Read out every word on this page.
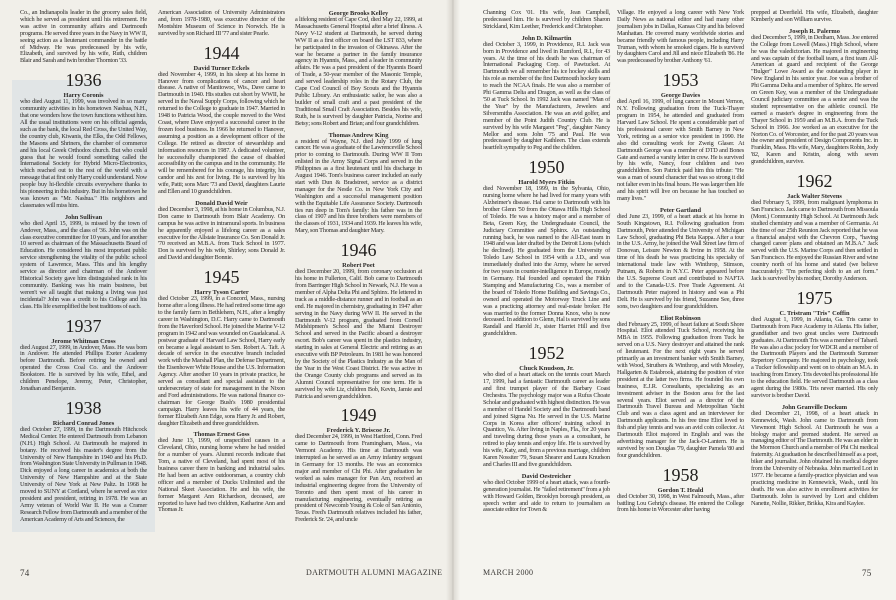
Co., an Indianapolis leader in the grocery sales field, which he served as president until his retirement. He was active in community affairs and Dartmouth programs. He served three years in the Navy in WW II, seeing action as a lieutenant commander in the battle of Midway. He was predeceased by his wife, Elizabeth, and survived by his wife, Ruth, children Blair and Sarah and twin brother Thornton '33.

1936
Harry Coronis
who died August 11, 1999, was involved in so many community activities in his hometown Nashua, N.H., that one wonders how the town functions without him. All the usual institutions were on his official agenda, such as the bank, the local Red Cross, the United Way, the country club, Kiwanis, the Elks, the Odd Fellows, the Masons and Shriners, the chamber of commerce and his local Greek Orthodox church. But who could guess that he would found something called the International Society for Hybrid Micro-Electronics, which reached out to the rest of the world with a message that at first only Harry could understand. Now people buy hi-flexible circuits everywhere thanks to his pioneering in this industry. But in his hometown he was known as "Mr. Nashua." His neighbors and classmates will miss him.
John Sullivan
who died April 15, 1999, is missed by the town of Andover, Mass., and the class of '36. John was on the class executive committee for 10 years, and for another 10 served as chairman of the Massachusetts Board of Education. He considered his most important public service strengthening the vitality of the public school system of Lawrence, Mass. This and his lengthy service as director and chairman of the Andover Historical Society gave him distinguished rank in his community. Banking was his main business, but weren't we all taught that making a living was just incidental? John was a credit to his College and his class. His life exemplified the best traditions of each.
1937
Jerome Whitman Cross
died August 27, 1999, in Andover, Mass. He was born in Andover. He attended Phillips Exeter Academy before Dartmouth. Before retiring he owned and operated the Cross Coal Co. and the Andover Bookstore. He is survived by his wife, Ethel, and children Penelope, Jeremy, Peter, Christopher, Jonathan and Benjamin.
1938
Richard Conrad Jones
died October 27, 1999, in the Dartmouth Hitchcock Medical Center. He entered Dartmouth from Lebanon (N.H.) High School. At Dartmouth he majored in botany. He received his master's degree from the University of New Hampshire in 1940 and his Ph.D. from Washington State University in Pullman in 1948. Dick enjoyed a long career in academics at both the University of New Hampshire and at the State University of New York at New Paltz. In 1968 he moved to SUNY at Cortland, where he served as vice president and president, retiring in 1978. He was an Army veteran of World War II. He was a Cramer Research Fellow from Dartmouth and a member of the American Academy of Arts and Sciences, the

American Association of University Administrators and, from 1978-1980, was executive director of the Montshire Museum of Science in Norwich. He is survived by son Richard III '77 and sister Pearle.

1944
David Turner Eckels
died November 4, 1999, in his sleep at his home in Hanover from complications of cancer and heart disease. A native of Manitowoc, Wis., Dave came to Dartmouth in 1940. His studies cut short by WWII, he served in the Naval Supply Corps, following which he returned to the College to graduate in 1947. Married in 1948 to Patricia Wood, the couple moved to the West Coast, where Dave enjoyed a successful career in the frozen food business. In 1966 he returned to Hanover, assuming a position as a development officer of the College. He retired as director of stewardship and information resources in 1987. A dedicated volunteer, he successfully championed the cause of disabled accessibility on the campus and in the community. He will be remembered for his courage, his integrity, his candor and his zest for living. He is survived by his wife, Patti; sons Marc '73 and David, daughters Laurie and Ellen and 10 grandchildren.
Donald David Weir
died December 3, 1998, at his home in Columbus, N.J. Don came to Dartmouth from Blair Academy. On campus he was active in intramural sports. In business he apparently enjoyed a lifelong career as a sales executive for the Allstate Insurance Co. Son Donald Jr. '70 received an M.B.A. from Tuck School in 1977. Don is survived by his wife, Shirley; sons Donald Jr. and David and daughter Bonnie.
1945
Harry Tyson Carter
died October 23, 1999, in a Concord, Mass., nursing home after a long illness. He had retired some time ago to the family farm in Bethlehem, N.H., after a lengthy career in Washington, D.C. Harry came to Dartmouth from the Haverford School. He joined the Marine V-12 program in 1942 and was wounded on Guadalcanal. A postwar graduate of Harvard Law School, Harry early on became a legal assistant to Sen. Robert A. Taft. A decade of service in the executive branch included work with the Marshall Plan, the Defense Department, the Eisenhower White House and the U.S. Information Agency. After another 10 years in private practice, he served as consultant and special assistant to the undersecretary of state for management in the Nixon and Ford administrations. He was national finance co-chairman for George Bush's 1980 presidential campaign. Harry leaves his wife of 44 years, the former Elizabeth Ann Edge, sons Harry Jr. and Robert, daughter Elizabeth and three grandchildren.
Thomas Ernest Goss
died June 13, 1999, of unspecified causes in a Cleveland, Ohio, nursing home where he had resided for a number of years. Alumni records indicate that Tom, a native of Cleveland, had spent most of his business career there in banking and industrial sales. He had been an active outdoorsman, a country club officer and a member of Ducks Unlimited and the National Skeet Association. He and his wife, the former Margaret Ann Richardson, deceased, are reported to have had two children, Katharine Ann and Thomas Jr.
George Brooks Kelley
a lifelong resident of Cape Cod, died May 22, 1999, at Massachusetts General Hospital after a brief illness. A Navy V-12 student at Dartmouth, he served during WW II as a first officer on board the LST 833, where he participated in the invasion of Okinawa. After the war he became a partner in the family insurance agency in Hyannis, Mass., and a leader in community affairs. He was a past president of the Hyannis Board of Trade, a 50-year member of the Masonic Temple, and served leadership roles in the Rotary Club, the Cape Cod Council of Boy Scouts and the Hyannis Public Library. An enthusiastic sailor, he was also a builder of small craft and a past president of the Traditional Small Craft Association. Besides his wife, Ruth, he is survived by daughter Patricia, Norine and Betsy; sons Robert and Brian; and four grandchildren.
Thomas Andrew King
a resident of Wayne, N.J. died July 1999 of lung cancer. He was a graduate of the Lawrenceville School prior to coming to Dartmouth. During WW II Tom enlisted in the Army Signal Corps and served in the Philippines as a first lieutenant until his discharge in August 1946. Tom's business career included an early start with Dun & Bradstreet, service as a district manager for the Nestle Co. in New York City and Washington and a successful management position with the Equitable Life Assurance Society. Dartmouth ties run deep in Tom's family: his father was in the class of 1907 and his three brothers were members of the classes of 1931, 1934 and 1939. He leaves his wife, Mary, son Thomas and daughter Mary.
1946
Robert Poet
died December 20, 1999, from coronary occlusion at his home in Fullerton, Calif. Bob came to Dartmouth from Barringer High School in Newark, N.J. He was a member of Alpha Delta Phi and Sphinx. He lettered in track as a middle-distance runner and in football as an end. He majored in chemistry, graduating in 1947 after serving in the Navy during WW II. He served in the Dartmouth V-12 program, graduated from Cornell Midshipmen's School and the Miami Destroyer School and served in the Pacific aboard a destroyer escort. Bob's career was spent in the plastics industry, starting in sales at General Electric and retiring as an executive with BP Petroleum. In 1981 he was honored by the Society of the Plastics Industry as the Man of the Year in the West Coast District. He was active in the Orange County club programs and served as its Alumni Council representative for one term. He is survived by wife Liz, children Bob, Kevin, Jamie and Patricia and seven grandchildren.
1949
Frederick Y. Briscoe Jr.
died December 24, 1999, in West Hartford, Conn. Fred came to Dartmouth from Framingham, Mass., via Vermont Academy. His time at Dartmouth was interrupted as he served as an Army infantry sergeant in Germany for 13 months. He was an economics major and member of Chi Phi. After graduation he worked as sales manager for Pan Am, received an industrial engineering degree from the University of Toronto and then spent most of his career in manufacturing engineering, eventually retiring as president of Newcomb Young & Cole of San Antonio, Texas. Fred's Dartmouth relatives included his father, Frederick Sr. '24, and uncle

Channing Cox '01. His wife, Jean Campbell, predeceased him. He is survived by children Sharon Strickland, Kim Leether, Frederick and Christopher.

John D. Kilmartin
died October 3, 1999, in Providence, R.I. Jack was born in Providence and lived in Rumford, R.I., for 43 years. At the time of his death he was chairman of International Packaging Corp. of Pawtucket. At Dartmouth we all remember his ice hockey skills and his role as member of the first Dartmouth hockey team to reach the NCAA finals. He was also a member of Phi Gamma Delta and Dragon, as well as the class of '50 at Tuck School. In 1992 Jack was named "Man of the Year" by the Manufacturers, Jewelers and Silversmiths Association. He was an avid golfer, and member of the Point Judith Country Club. He is survived by his wife Margaret "Peg", daughter Nancy Mellor and sons John '75 and Paul. He was predeceased by daughter Kathleen. The class extends heartfelt sympathy to Peg and the children.
1950
Harold Myers Fitkin
died November 18, 1999, in the Sylvania, Ohio, nursing home where he had lived for many years with Alzheimer's disease. Hal came to Dartmouth with his brother Glenn '50 from the Ottawa Hills High School of Toledo. He was a history major and a member of Beta, Green Key, the Undergraduate Council, the Judiciary Committee and Sphinx. An outstanding running back, he was named to the All-East team in 1948 and was later drafted by the Detroit Lions (which he declined). He graduated from the University of Toledo Law School in 1954 with a J.D., and was immediately drafted into the Army, where he served for two years in counter-intelligence in Europe, mostly in Germany. Hal founded and operated the Fitkin Stamping and Manufacturing Co., was a member of the board of Toledo Home Building and Savings Co., owned and operated the Motorway Truck Line and was a practicing attorney and real-estate broker. He was married to the former Donna Knox, who is now deceased. In addition to Glenn, Hal is survived by sons Randall and Harold Jr., sister Harriet Hill and five grandchildren.
1952
Chuck Knudson, Jr.
who died of a heart attack on the tennis court March 17, 1999, had a fantastic Dartmouth career as leader and first trumpet player of the Barbary Coast Orchestra. The psychology major was a Rufus Choate Scholar and graduated with highest distinction. He was a member of Handel Society and the Dartmouth band and joined Sigma Nu. He served in the U.S. Marine Corps in Korea after officers' training school in Quantico, Va. After living in Naples, Fla., for 20 years and traveling during those years as a consultant, he retired to play tennis and enjoy life. He is survived by his wife, Katy, and, from a previous marriage, children Karen Nossiter '79, Susan Shearer and Laura Knudson and Charles III and five grandchildren.
David Oestreicher
who died October 1999 of a heart attack, was a fourth-generation journalist. He "failed retirement" from a job with Howard Golden, Brooklyn borough president, as speech writer and aide to return to journalism as associate editor for Town &

Village. He enjoyed a long career with New York Daily News as national editor and had many other journalism jobs in Dallas, Kansas City and his beloved Manhattan. He covered many worldwide stories and became friendly with famous people, including Harry Truman, with whom he smoked cigars. He is survived by daughters Carol and Jill and niece Elizabeth '86. He was predeceased by brother Anthony '61.

1953
George Davies
died April 16, 1999, of lung cancer in Mount Vernon, N.Y. Following graduation from the Tuck-Thayer program in 1954, he attended and graduated from Harvard Law School. He spent a considerable part of his professional career with Smith Barney in New York, retiring as a senior vice president in 1990. He also did consulting work for Zweig Glaser. At Dartmouth George was a member of DTD and Bones Gate and earned a varsity letter in crew. He is survived by his wife, Nancy, four children and two grandchildren. Son Patrick paid him this tribute: "He was a man of sound character that was so strong it did not falter even in his final hours. He was larger then life and his spirit will live on because he has touched so many lives."
Peter Gartland
died June 23, 1999, of a heart attack at his home in South Kingstown, R.I. Following graduation from Dartmouth, Peter attended the University of Michigan Law School, graduating Phi Beta Kappa. After a tour in the U.S. Army, he joined the Wall Street law firm of Donovan, Leisure Newton & Irvine in 1958. At the time of his death he was practicing his specialty of international trade law with Winthrop, Stimson, Putnam, & Roberts in N.Y.C. Peter appeared before the U.S. Supreme Court and contributed to NAFTA and to the Canada-U.S. Free Trade Agreement. At Dartmouth Peter majored in history and was a Phi Delt. He is survived by his friend, Suzanne See, three sons, two daughters and four grandchildren.
Eliot Robinson
died February 25, 1999, of heart failure at South Shore Hospital. Eliot attended Tuck School, receiving his MBA in 1955. Following graduation from Tuck he served on a U.S. Navy destroyer and attained the rank of lieutenant. For the next eight years he served primarily as an investment banker with Smith Barney, with Wood, Struthers & Winthrop, and with Moseley, Hallgarten & Estabrook, attaining the position of vice president at the latter two firms. He founded his own business, E.J.R. Consultants, specializing as an investment adviser in the Boston area for the last several years. Eliot served as a director of the Dartmouth Travel Bureau and Metropolitan Yacht Club and was a class agent and an interviewer for Dartmouth applicants. In his free time Eliot loved to fish and play tennis and was an avid coin collector. At Dartmouth Eliot majored in English and was the advertising manager for the Jack-O-Lantern. He is survived by son Douglas '79, daughter Pamela '80 and four grandchildren.
1958
Gordon T. Heald
died October 30, 1998, in West Falmouth, Mass., after battling Lou Gehrig's disease. He entered the College from his home in Worcester after having

prepped at Deerfield. His wife, Elizabeth, daughter Kimberly and son William survive.

Joseph R. Palermo
died December 5, 1999, in Dedham, Mass. Joe entered the College from Lowell (Mass.) High School, where he was the valedictorian. He majored in engineering and was captain of the football team, a first team All-American at guard and recipient of the George "Bulger" Lowe Award as the outstanding player in New England in his senior year. Joe was a brother of Phi Gamma Delta and a member of Sphinx. He served on Green Key, was a member of the Undergraduate Council judiciary committee as a senior and was the student representative on the athletic council. He earned a master's degree in engineering from the Thayer School in 1959 and an M.B.A. from the Tuck School in 1966. Joe worked as an executive for the Norton Co. of Worcester, and for the past 20 years was the owner and president of Design Components Inc. in Franklin, Mass. His wife, Mary, daughters Robin, Jody '82, Karen and Kristin, along with seven grandchildren, survive.
1962
Jack Walter Stevens
died February 5, 1999, from malignant lymphoma in San Francisco. Jack came to Dartmouth from Missoula (Mont.) Community High School. At Dartmouth Jack studied chemistry and was a member of Germania. At the time of our 25th Reunion Jack reported that he was a financial analyst with the Chevron Corp., "having changed career plans and obtained an M.B.A." Jack served with the U.S. Marine Corps and then settled in San Francisco. He enjoyed the Russian River and wine country north of his home and stated (we believe inaccurately): "I'm perfecting sloth to an art form." Jack is survived by his mother, Dorothy Anderson.
1975
C. Tristram "Tris" Coffin
died August 1, 1999, in Atlanta, Ga. Tris came to Dartmouth from Pace Academy in Atlanta. His father, grandfather and two great uncles were Dartmouth graduates. At Dartmouth Tris was a member of Tabard. He was also a disc jockey for WDCR and a member of the Dartmouth Players and the Dartmouth Summer Repertory Company. He majored in psychology, took a Tucker fellowship and went on to obtain an M.A. in teaching from Emory. Tris devoted his professional life to the education field. He served Dartmouth as a class agent during the 1980s. Tris never married. His only survivor is brother David.
John Granville Dockum
died December 21, 1998, of a heart attack in Kennewick, Wash. John came to Dartmouth from Viewmont High School. At Dartmouth he was a biology major and premed student. He served as managing editor of The Dartmouth. He was an elder in the Mormon Church and a member of Phi Chi medical fraternity. At graduation he described himself as a poet, biker and journalist. John obtained his medical degree from the University of Nebraska. John married Lori in 1977. He became a family-practice physician and was practicing medicine in Kennewick, Wash., until his death. He was also active in enrollment activities for Dartmouth. John is survived by Lori and children Nanette, Nollie, Rikker, Brikka, Kira and Kaylee.
74	DARTMOUTH ALUMNI MAGAZINE	MARCH 2000	75
